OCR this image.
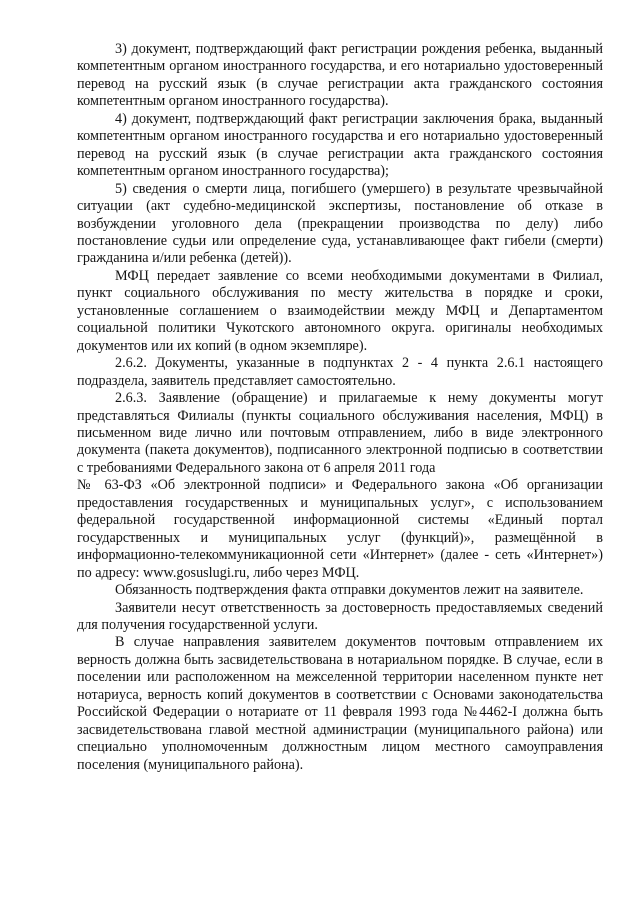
3) документ, подтверждающий факт регистрации рождения ребенка, выданный компетентным органом иностранного государства, и его нотариально удостоверенный перевод на русский язык (в случае регистрации акта гражданского состояния компетентным органом иностранного государства).

4) документ, подтверждающий факт регистрации заключения брака, выданный компетентным органом иностранного государства и его нотариально удостоверенный перевод на русский язык (в случае регистрации акта гражданского состояния компетентным органом иностранного государства);

5) сведения о смерти лица, погибшего (умершего) в результате чрезвычайной ситуации (акт судебно-медицинской экспертизы, постановление об отказе в возбуждении уголовного дела (прекращении производства по делу) либо постановление судьи или определение суда, устанавливающее факт гибели (смерти) гражданина и/или ребенка (детей)).

МФЦ передает заявление со всеми необходимыми документами в Филиал, пункт социального обслуживания по месту жительства в порядке и сроки, установленные соглашением о взаимодействии между МФЦ и Департаментом социальной политики Чукотского автономного округа. оригиналы необходимых документов или их копий (в одном экземпляре).

2.6.2. Документы, указанные в подпунктах 2 - 4 пункта 2.6.1 настоящего подраздела, заявитель представляет самостоятельно.

2.6.3. Заявление (обращение) и прилагаемые к нему документы могут представляться Филиалы (пункты социального обслуживания населения, МФЦ) в письменном виде лично или почтовым отправлением, либо в виде электронного документа (пакета документов), подписанного электронной подписью в соответствии с требованиями Федерального закона от 6 апреля 2011 года

№ 63-ФЗ «Об электронной подписи» и Федерального закона «Об организации предоставления государственных и муниципальных услуг», с использованием федеральной государственной информационной системы «Единый портал государственных и муниципальных услуг (функций)», размещённой в информационно-телекоммуникационной сети «Интернет» (далее - сеть «Интернет») по адресу: www.gosuslugi.ru, либо через МФЦ.

Обязанность подтверждения факта отправки документов лежит на заявителе.

Заявители несут ответственность за достоверность предоставляемых сведений для получения государственной услуги.

В случае направления заявителем документов почтовым отправлением их верность должна быть засвидетельствована в нотариальном порядке. В случае, если в поселении или расположенном на межселенной территории населенном пункте нет нотариуса, верность копий документов в соответствии с Основами законодательства Российской Федерации о нотариате от 11 февраля 1993 года №4462-I должна быть засвидетельствована главой местной администрации (муниципального района) или специально уполномоченным должностным лицом местного самоуправления поселения (муниципального района).
